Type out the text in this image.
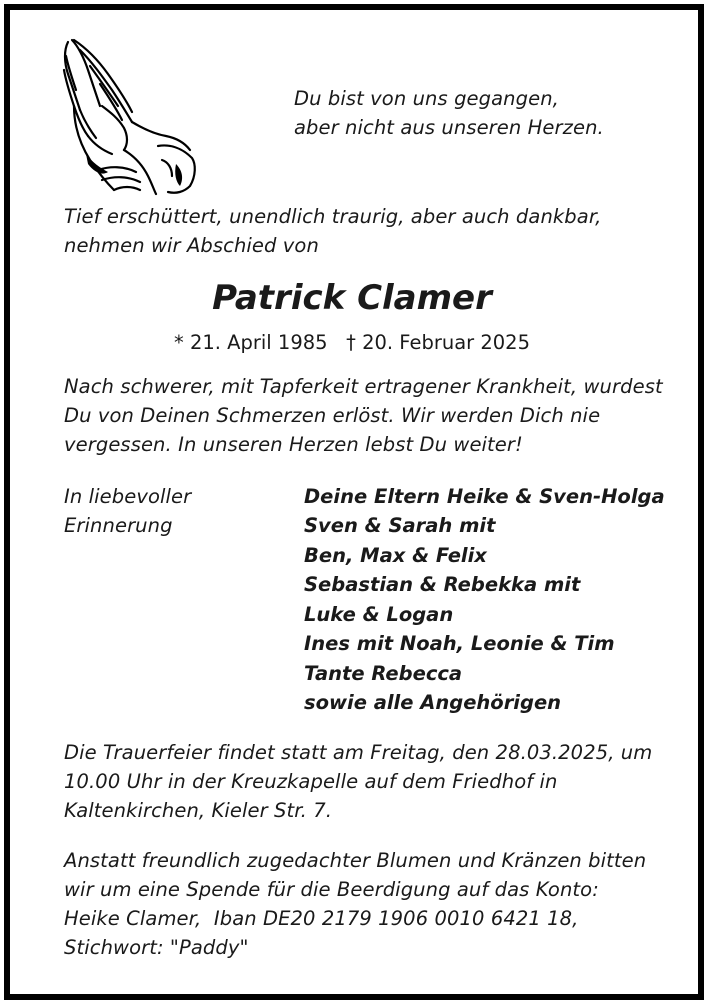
Du bist von uns gegangen,
aber nicht aus unseren Herzen.
Tief erschüttert, unendlich traurig, aber auch dankbar,
nehmen wir Abschied von
Patrick Clamer
* 21. April 1985   † 20. Februar 2025
Nach schwerer, mit Tapferkeit ertragener Krankheit, wurdest
Du von Deinen Schmerzen erlöst. Wir werden Dich nie
vergessen. In unseren Herzen lebst Du weiter!
In liebevoller
Erinnerung
Deine Eltern Heike & Sven-Holga
Sven & Sarah mit
Ben, Max & Felix
Sebastian & Rebekka mit
Luke & Logan
Ines mit Noah, Leonie & Tim
Tante Rebecca
sowie alle Angehörigen
Die Trauerfeier findet statt am Freitag, den 28.03.2025, um
10.00 Uhr in der Kreuzkapelle auf dem Friedhof in
Kaltenkirchen, Kieler Str. 7.
Anstatt freundlich zugedachter Blumen und Kränzen bitten
wir um eine Spende für die Beerdigung auf das Konto:
Heike Clamer,  Iban DE20 2179 1906 0010 6421 18,
Stichwort: "Paddy"
